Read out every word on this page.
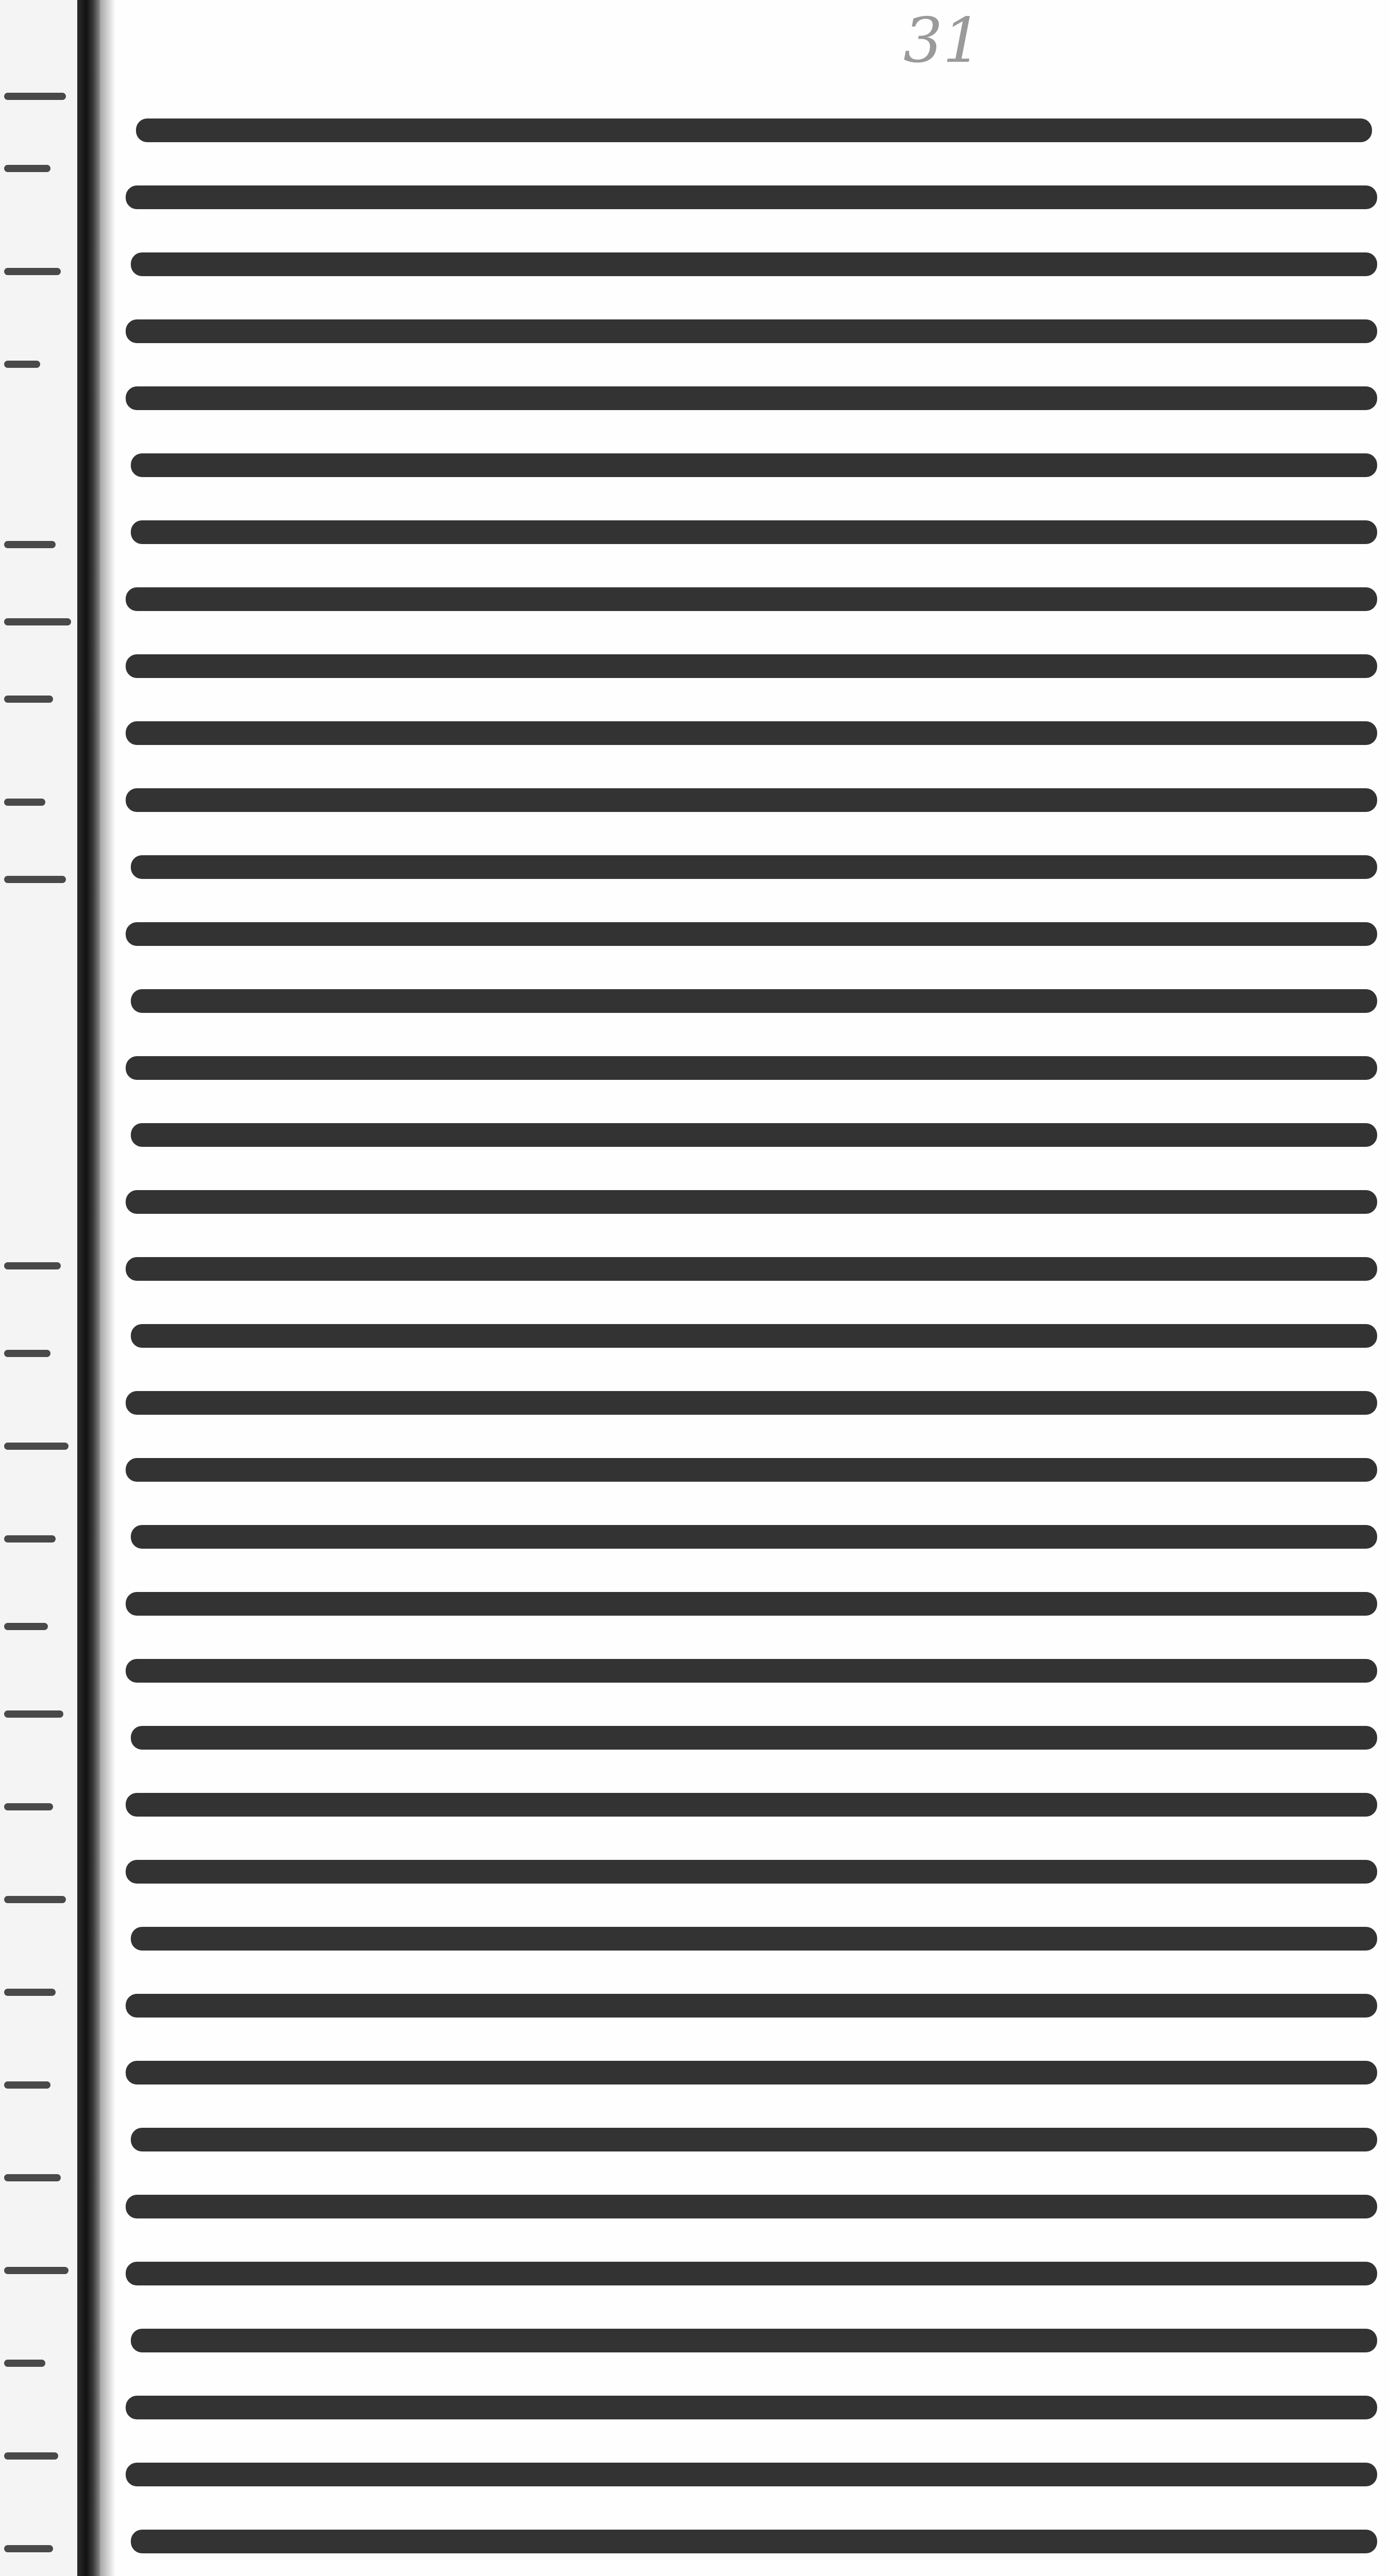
31
